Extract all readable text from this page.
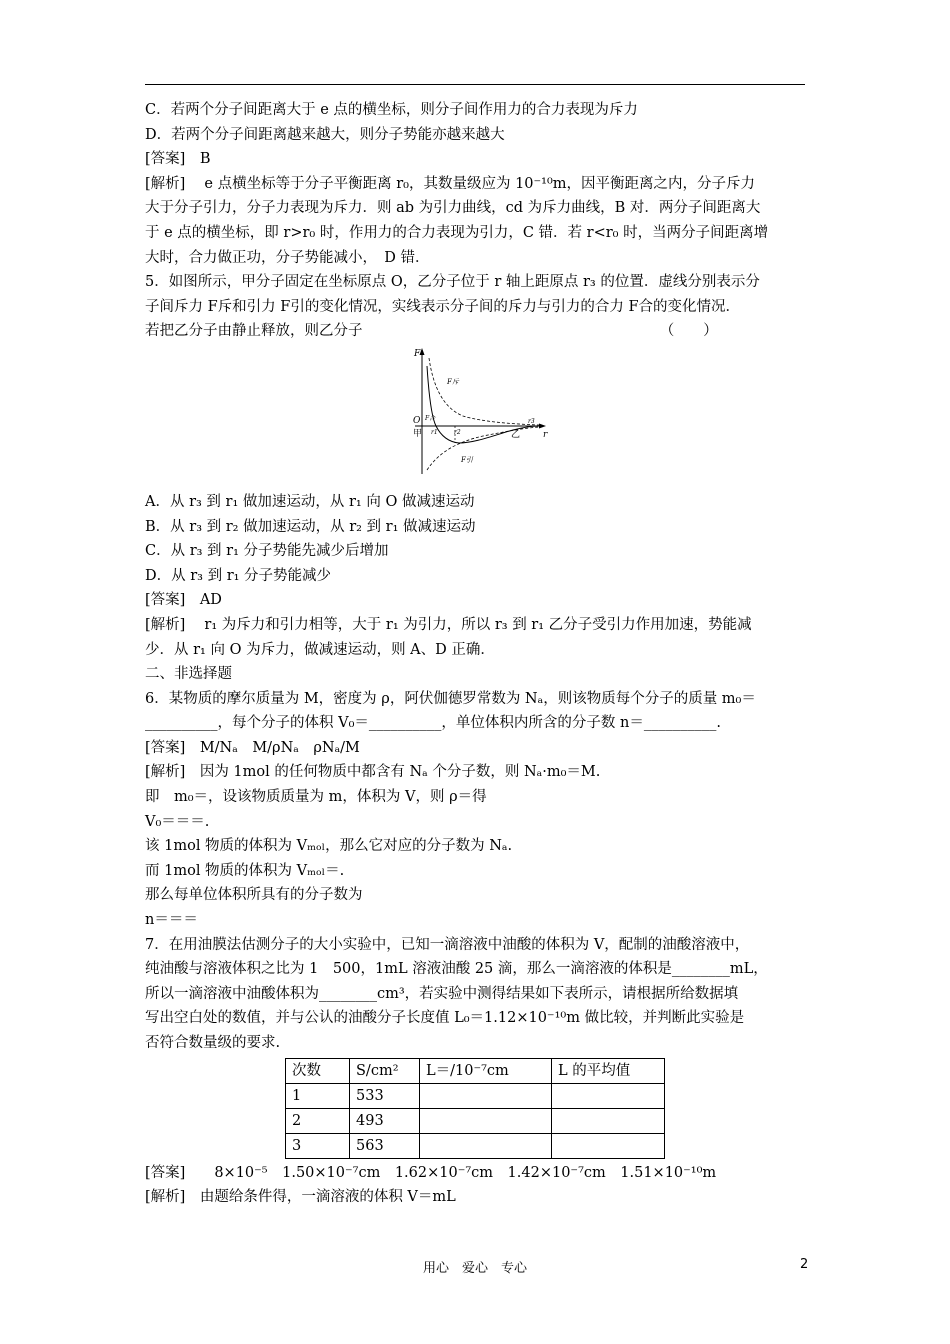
C．若两个分子间距离大于 e 点的横坐标，则分子间作用力的合力表现为斥力

D．若两个分子间距离越来越大，则分子势能亦越来越大

[答案]　B

[解析]　 e 点横坐标等于分子平衡距离 r₀，其数量级应为 10⁻¹⁰m，因平衡距离之内，分子斥力

大于分子引力，分子力表现为斥力．则 ab 为引力曲线，cd 为斥力曲线，B 对．两分子间距离大

于 e 点的横坐标，即 r>r₀ 时，作用力的合力表现为引力，C 错．若 r<r₀ 时，当两分子间距离增

大时，合力做正功，分子势能减小，　D 错．

5．如图所示，甲分子固定在坐标原点 O，乙分子位于 r 轴上距原点 r₃ 的位置．虚线分别表示分

子间斥力 F斥和引力 F引的变化情况，实线表示分子间的斥力与引力的合力 F合的变化情况．

若把乙分子由静止释放，则乙分子　　　　　　　　　　　　　　　　　　　　　（　　）

F
r
O
甲	乙
F斥
F引
F合
r1	r2
r3

A．从 r₃ 到 r₁ 做加速运动，从 r₁ 向 O 做减速运动

B．从 r₃ 到 r₂ 做加速运动，从 r₂ 到 r₁ 做减速运动

C．从 r₃ 到 r₁ 分子势能先减少后增加

D．从 r₃ 到 r₁ 分子势能减少

[答案]　AD

[解析]　 r₁ 为斥力和引力相等，大于 r₁ 为引力，所以 r₃ 到 r₁ 乙分子受引力作用加速，势能减

少．从 r₁ 向 O 为斥力，做减速运动，则 A、D 正确．

二、非选择题

6．某物质的摩尔质量为 M，密度为 ρ，阿伏伽德罗常数为 Nₐ，则该物质每个分子的质量 m₀＝

__________，每个分子的体积 V₀＝__________，单位体积内所含的分子数 n＝__________.

[答案]　M/Nₐ　M/ρNₐ　ρNₐ/M

[解析]　因为 1mol 的任何物质中都含有 Nₐ 个分子数，则 Nₐ·m₀＝M.

即　m₀＝，设该物质质量为 m，体积为 V，则 ρ＝得

V₀＝＝＝.

该 1mol 物质的体积为 Vₘₒₗ，那么它对应的分子数为 Nₐ.

而 1mol 物质的体积为 Vₘₒₗ＝.

那么每单位体积所具有的分子数为

n＝＝＝

7．在用油膜法估测分子的大小实验中，已知一滴溶液中油酸的体积为 V，配制的油酸溶液中，

纯油酸与溶液体积之比为 1　500，1mL 溶液油酸 25 滴，那么一滴溶液的体积是________mL，

所以一滴溶液中油酸体积为________cm³，若实验中测得结果如下表所示，请根据所给数据填

写出空白处的数值，并与公认的油酸分子长度值 L₀＝1.12×10⁻¹⁰m 做比较，并判断此实验是

否符合数量级的要求.

次数	S/cm²	L＝/10⁻⁷cm	L 的平均值
1	533		
2	493		
3	563		

[答案]　　8×10⁻⁵　1.50×10⁻⁷cm　1.62×10⁻⁷cm　1.42×10⁻⁷cm　1.51×10⁻¹⁰m

[解析]　由题给条件得，一滴溶液的体积 V＝mL

用心　爱心　专心	2
